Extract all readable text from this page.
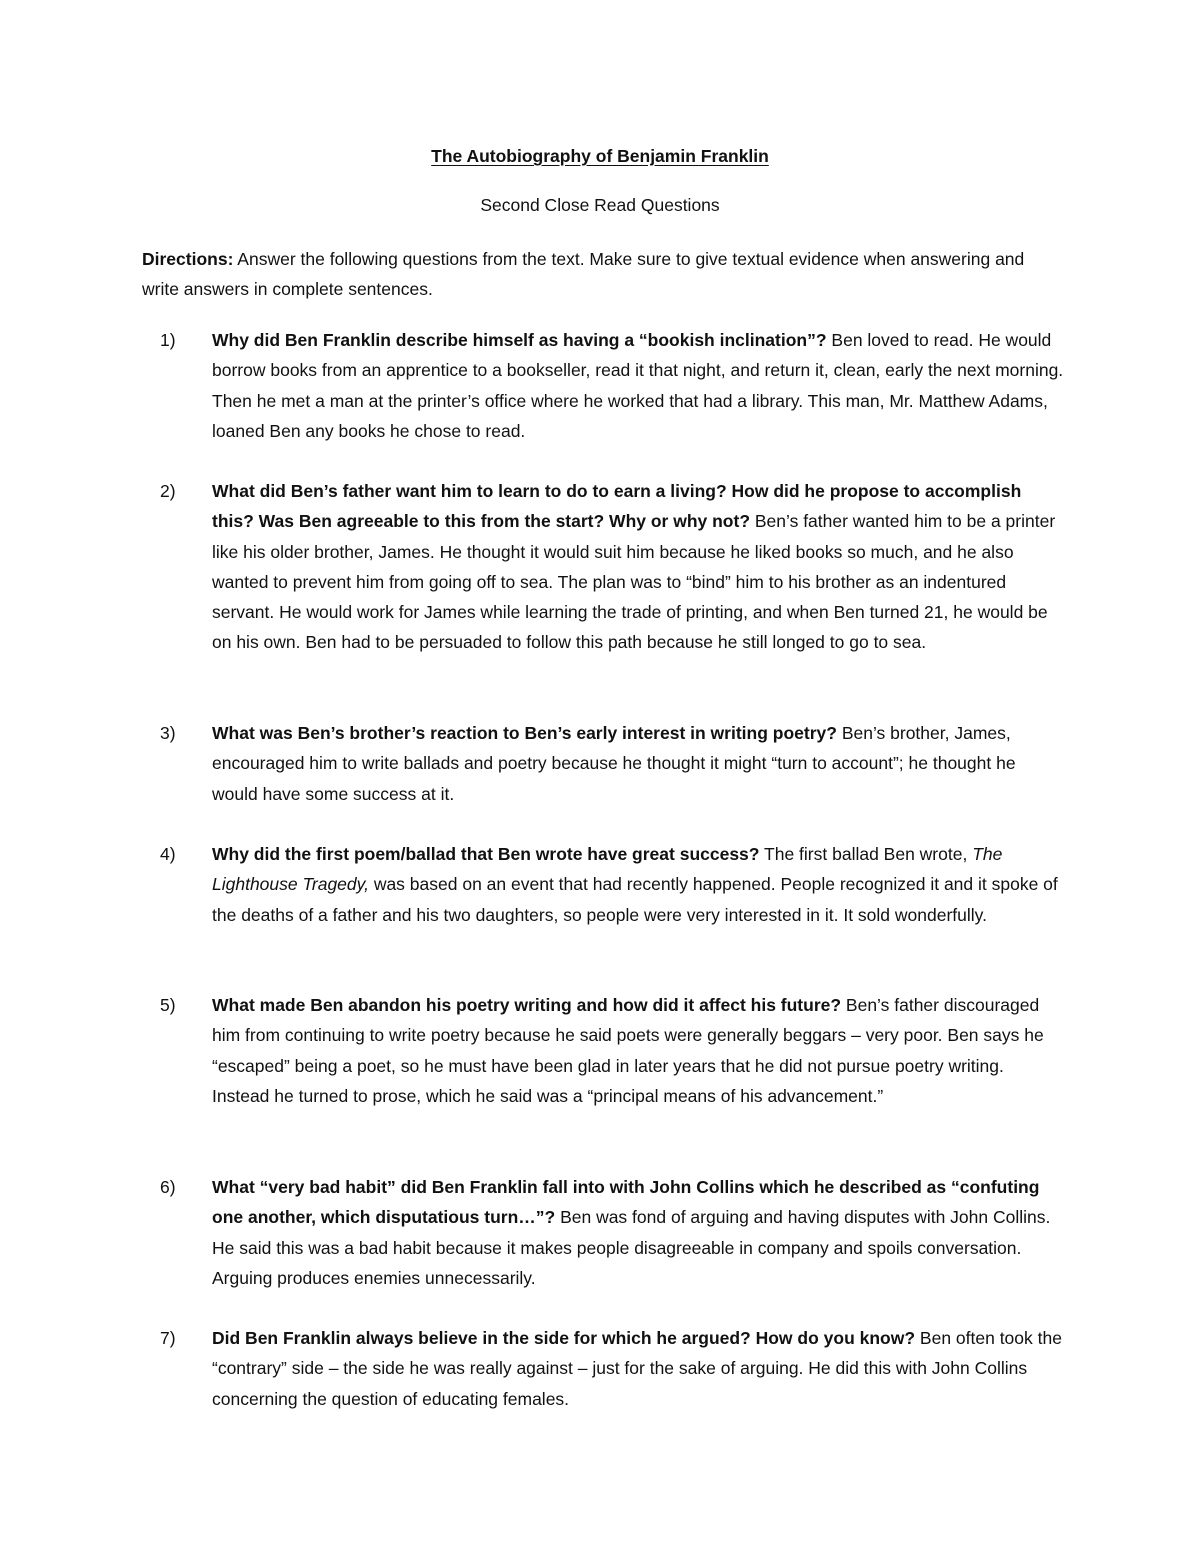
The Autobiography of Benjamin Franklin

Second Close Read Questions

Directions: Answer the following questions from the text. Make sure to give textual evidence when answering and write answers in complete sentences.

1) Why did Ben Franklin describe himself as having a “bookish inclination”? Ben loved to read. He would borrow books from an apprentice to a bookseller, read it that night, and return it, clean, early the next morning. Then he met a man at the printer’s office where he worked that had a library. This man, Mr. Matthew Adams, loaned Ben any books he chose to read.
2) What did Ben’s father want him to learn to do to earn a living? How did he propose to accomplish this? Was Ben agreeable to this from the start? Why or why not? Ben’s father wanted him to be a printer like his older brother, James. He thought it would suit him because he liked books so much, and he also wanted to prevent him from going off to sea. The plan was to “bind” him to his brother as an indentured servant. He would work for James while learning the trade of printing, and when Ben turned 21, he would be on his own. Ben had to be persuaded to follow this path because he still longed to go to sea.
3) What was Ben’s brother’s reaction to Ben’s early interest in writing poetry? Ben’s brother, James, encouraged him to write ballads and poetry because he thought it might “turn to account”; he thought he would have some success at it.
4) Why did the first poem/ballad that Ben wrote have great success? The first ballad Ben wrote, The Lighthouse Tragedy, was based on an event that had recently happened. People recognized it and it spoke of the deaths of a father and his two daughters, so people were very interested in it. It sold wonderfully.
5) What made Ben abandon his poetry writing and how did it affect his future? Ben’s father discouraged him from continuing to write poetry because he said poets were generally beggars – very poor. Ben says he “escaped” being a poet, so he must have been glad in later years that he did not pursue poetry writing. Instead he turned to prose, which he said was a “principal means of his advancement.”
6) What “very bad habit” did Ben Franklin fall into with John Collins which he described as “confuting one another, which disputatious turn…”? Ben was fond of arguing and having disputes with John Collins. He said this was a bad habit because it makes people disagreeable in company and spoils conversation. Arguing produces enemies unnecessarily.
7) Did Ben Franklin always believe in the side for which he argued? How do you know? Ben often took the “contrary” side – the side he was really against – just for the sake of arguing. He did this with John Collins concerning the question of educating females.
